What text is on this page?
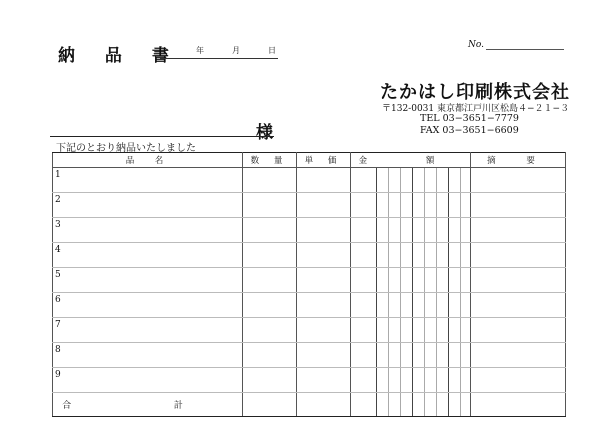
納 品 書 年	月	日
No.
たかはし印刷株式会社
〒132-0031 東京都江戸川区松島４−２１−３
TEL 03−3651−7779
FAX 03−3651−6609
様
下記のとおり納品いたしました
品　名	数 量	単 価	金 額	摘 要
1			

2			

3			

4			

5			

6			

7			

8			

9			

合 計			
